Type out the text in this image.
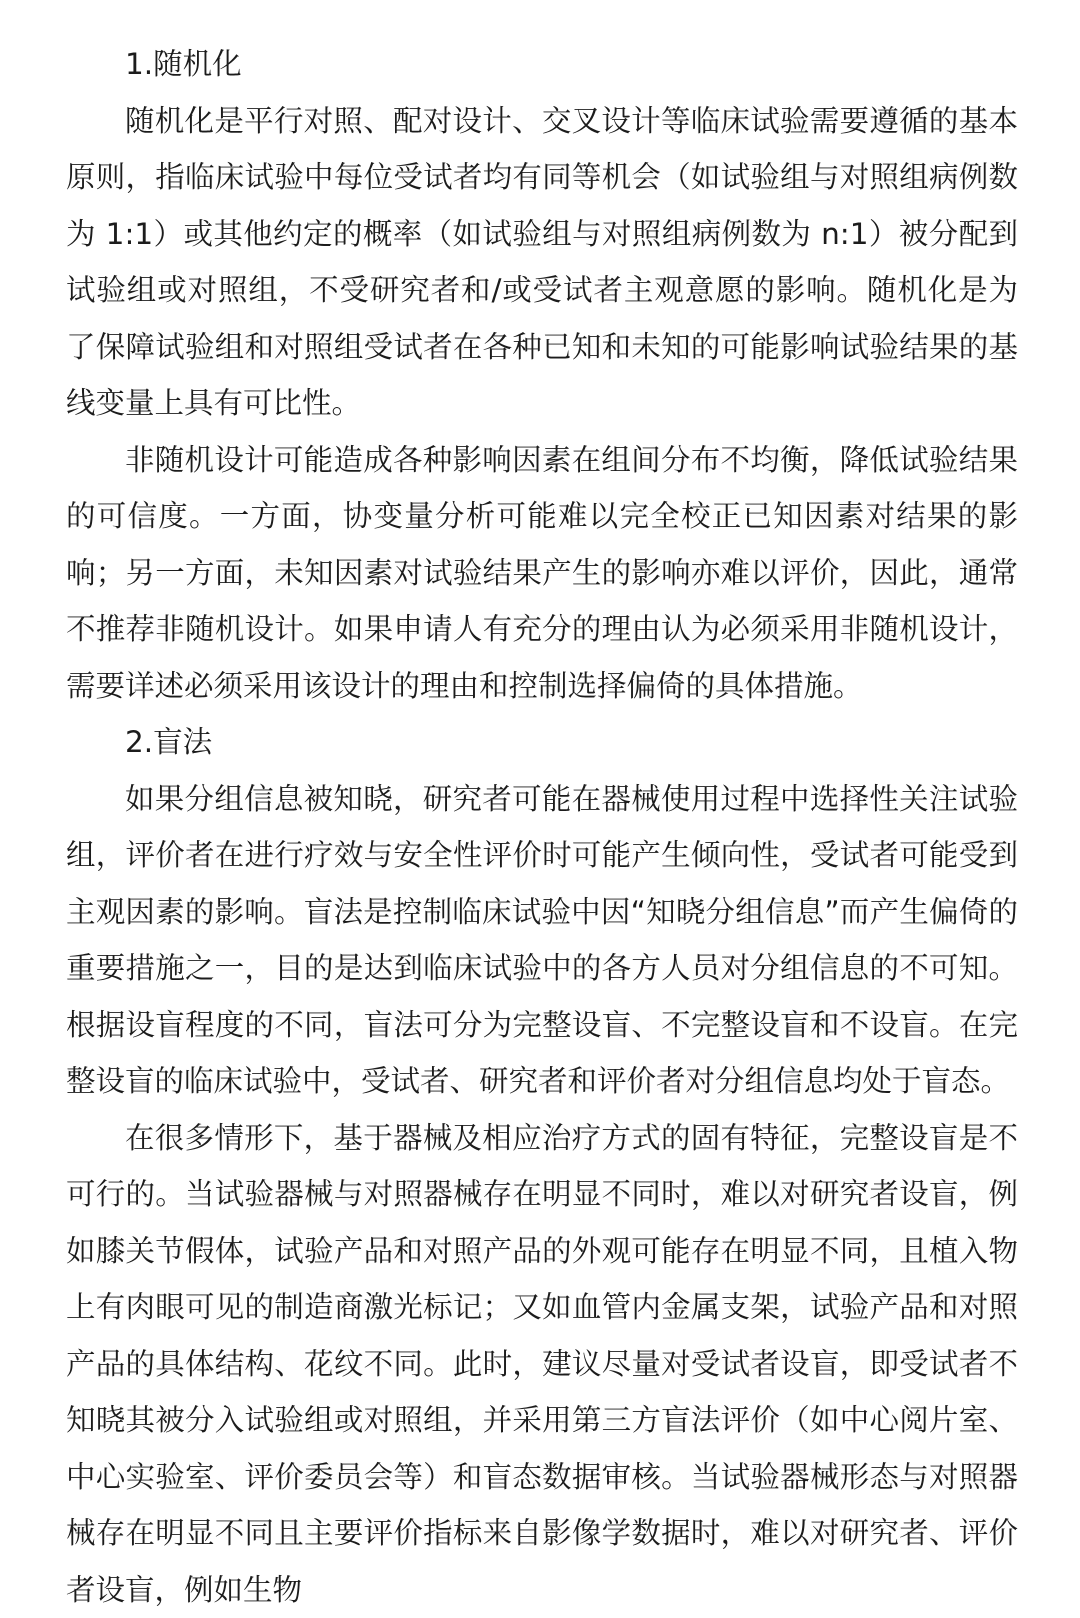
1.随机化

随机化是平行对照、配对设计、交叉设计等临床试验需要遵循的基本原则，指临床试验中每位受试者均有同等机会（如试验组与对照组病例数为 1:1）或其他约定的概率（如试验组与对照组病例数为 n:1）被分配到试验组或对照组，不受研究者和/或受试者主观意愿的影响。随机化是为了保障试验组和对照组受试者在各种已知和未知的可能影响试验结果的基线变量上具有可比性。

非随机设计可能造成各种影响因素在组间分布不均衡，降低试验结果的可信度。一方面，协变量分析可能难以完全校正已知因素对结果的影响；另一方面，未知因素对试验结果产生的影响亦难以评价，因此，通常不推荐非随机设计。如果申请人有充分的理由认为必须采用非随机设计，需要详述必须采用该设计的理由和控制选择偏倚的具体措施。

2.盲法

如果分组信息被知晓，研究者可能在器械使用过程中选择性关注试验组，评价者在进行疗效与安全性评价时可能产生倾向性，受试者可能受到主观因素的影响。盲法是控制临床试验中因“知晓分组信息”而产生偏倚的重要措施之一，目的是达到临床试验中的各方人员对分组信息的不可知。根据设盲程度的不同，盲法可分为完整设盲、不完整设盲和不设盲。在完整设盲的临床试验中，受试者、研究者和评价者对分组信息均处于盲态。

在很多情形下，基于器械及相应治疗方式的固有特征，完整设盲是不可行的。当试验器械与对照器械存在明显不同时，难以对研究者设盲，例如膝关节假体，试验产品和对照产品的外观可能存在明显不同，且植入物上有肉眼可见的制造商激光标记；又如血管内金属支架，试验产品和对照产品的具体结构、花纹不同。此时，建议尽量对受试者设盲，即受试者不知晓其被分入试验组或对照组，并采用第三方盲法评价（如中心阅片室、中心实验室、评价委员会等）和盲态数据审核。当试验器械形态与对照器械存在明显不同且主要评价指标来自影像学数据时，难以对研究者、评价者设盲，例如生物
